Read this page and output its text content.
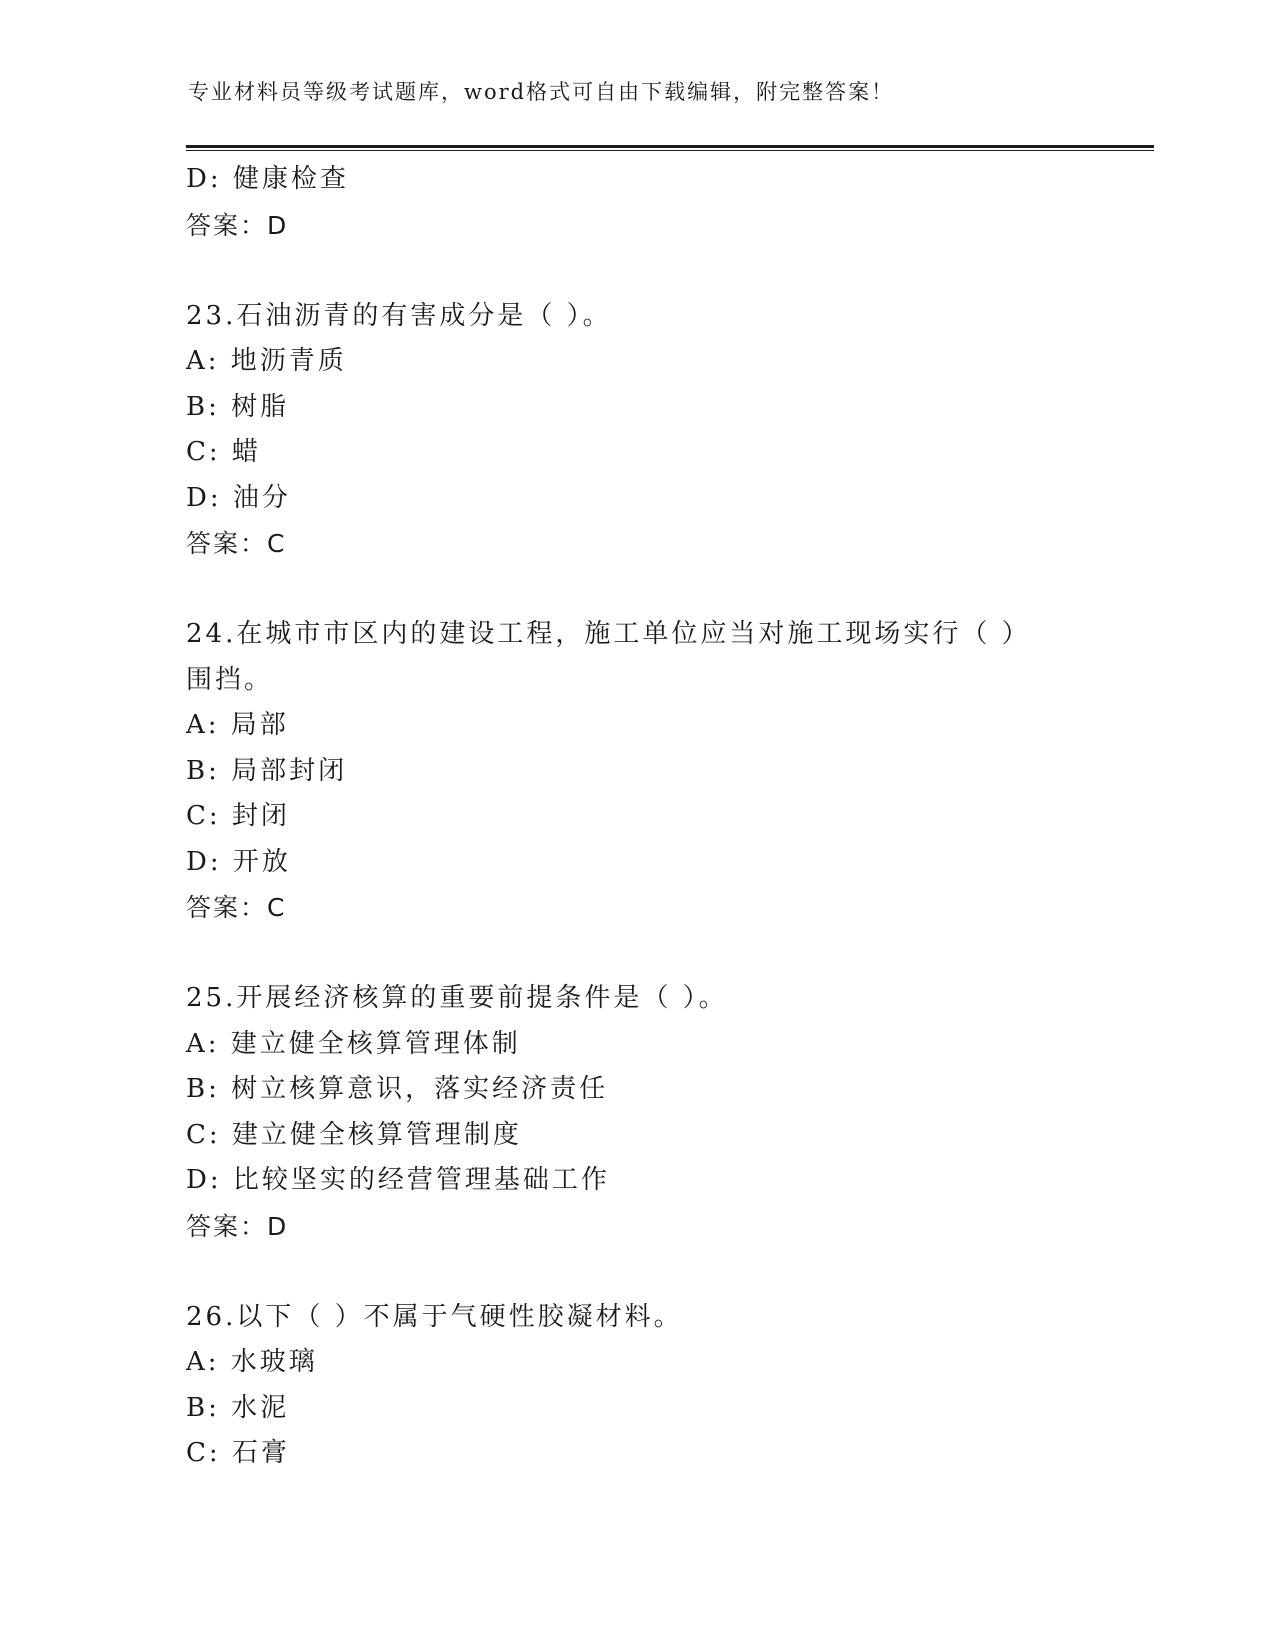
专业材料员等级考试题库，word格式可自由下载编辑，附完整答案！
D: 健康检查
答案：D
23.石油沥青的有害成分是（ ）。
A: 地沥青质
B: 树脂
C: 蜡
D: 油分
答案：C
24.在城市市区内的建设工程，施工单位应当对施工现场实行（ ）围挡。
A: 局部
B: 局部封闭
C: 封闭
D: 开放
答案：C
25.开展经济核算的重要前提条件是（ ）。
A: 建立健全核算管理体制
B: 树立核算意识，落实经济责任
C: 建立健全核算管理制度
D: 比较坚实的经营管理基础工作
答案：D
26.以下（ ）不属于气硬性胶凝材料。
A: 水玻璃
B: 水泥
C: 石膏
